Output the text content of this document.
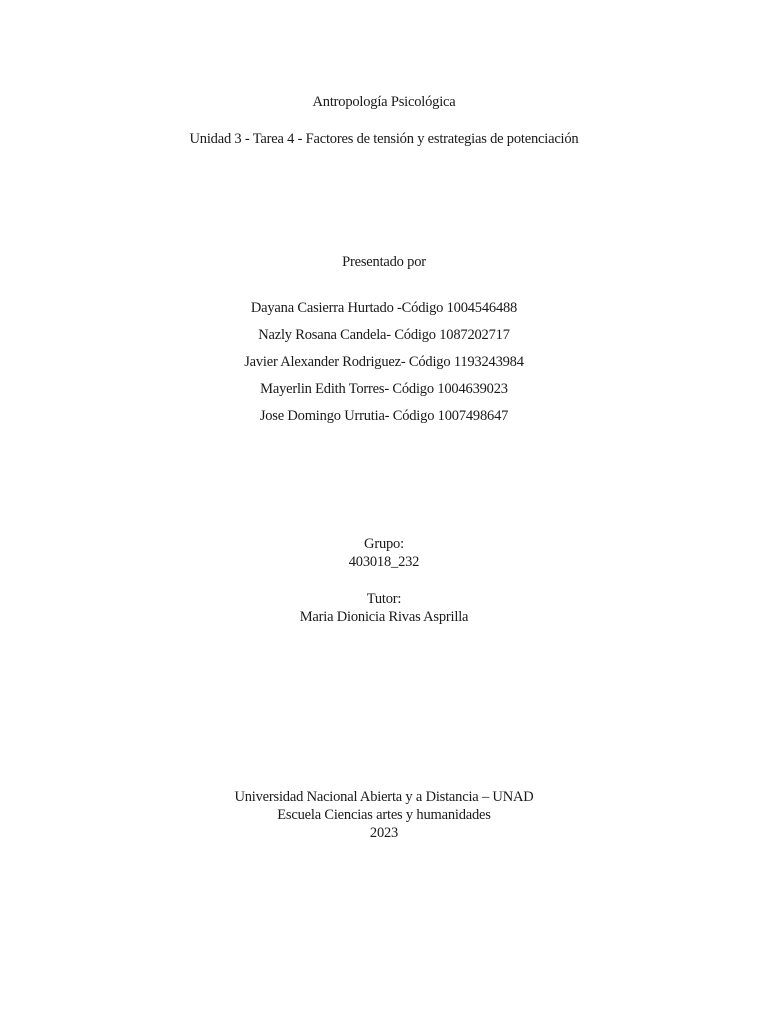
Antropología Psicológica
Unidad 3 - Tarea 4 - Factores de tensión y estrategias de potenciación
Presentado por
Dayana Casierra Hurtado -Código 1004546488
Nazly Rosana Candela- Código 1087202717
Javier Alexander Rodriguez- Código 1193243984
Mayerlin Edith Torres- Código 1004639023
Jose Domingo Urrutia- Código 1007498647
Grupo:
403018_232
Tutor:
Maria Dionicia Rivas Asprilla
Universidad Nacional Abierta y a Distancia – UNAD
Escuela Ciencias artes y humanidades
2023
